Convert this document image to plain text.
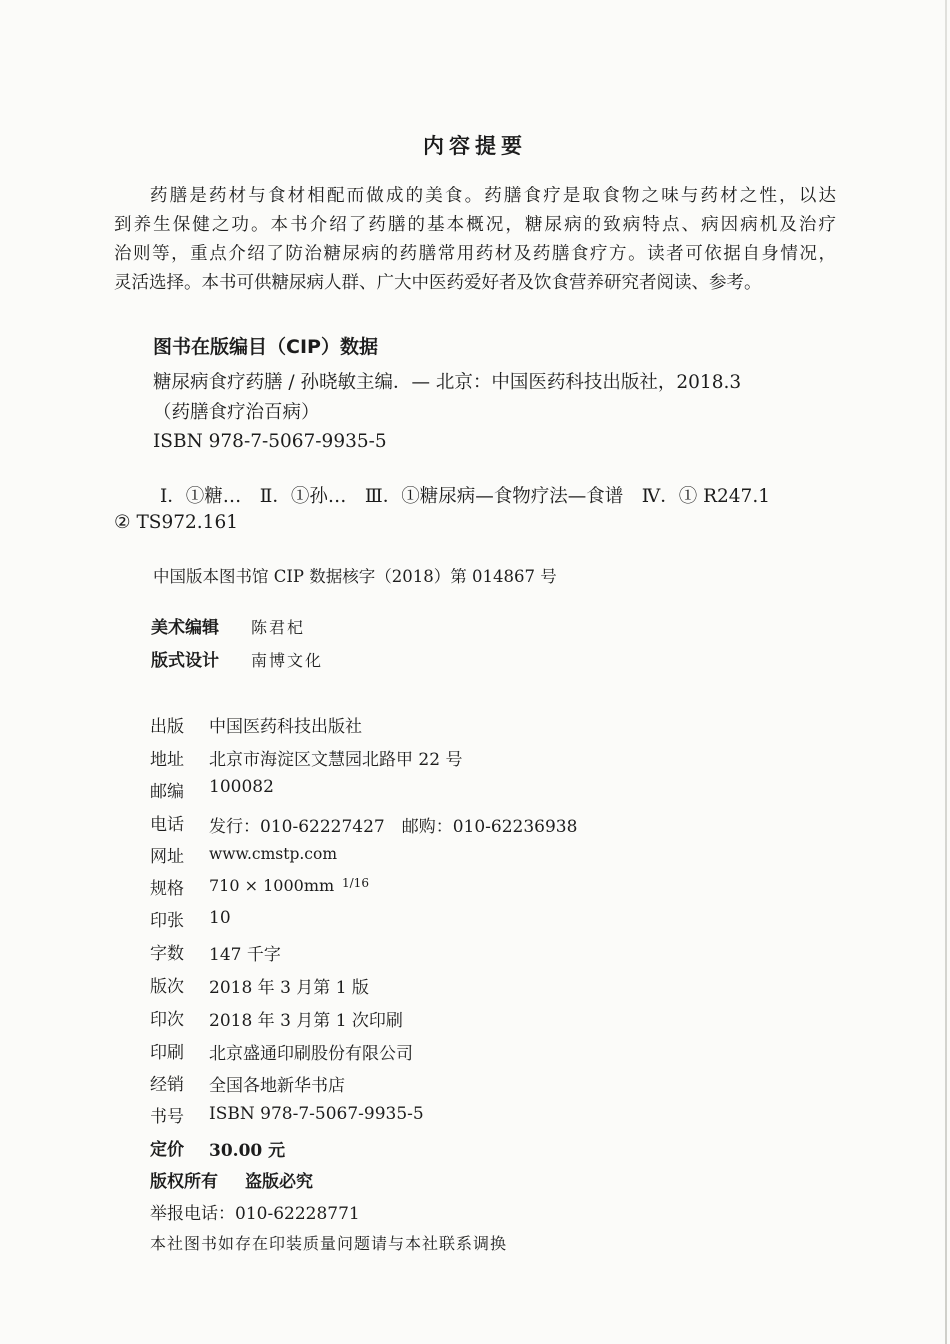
内容提要
药膳是药材与食材相配而做成的美食。药膳食疗是取食物之味与药材之性，以达
到养生保健之功。本书介绍了药膳的基本概况，糖尿病的致病特点、病因病机及治疗
治则等，重点介绍了防治糖尿病的药膳常用药材及药膳食疗方。读者可依据自身情况，
灵活选择。本书可供糖尿病人群、广大中医药爱好者及饮食营养研究者阅读、参考。
图书在版编目（CIP）数据
糖尿病食疗药膳 / 孙晓敏主编．— 北京：中国医药科技出版社，2018.3
（药膳食疗治百病）
ISBN 978-7-5067-9935-5
Ⅰ．①糖…　Ⅱ．①孙…　Ⅲ．①糖尿病—食物疗法—食谱　Ⅳ．① R247.1
② TS972.161
中国版本图书馆 CIP 数据核字（2018）第 014867 号
美术编辑 陈君杞
版式设计 南博文化
出版 中国医药科技出版社
地址 北京市海淀区文慧园北路甲 22 号
邮编 100082
电话 发行：010-62227427　邮购：010-62236938
网址 www.cmstp.com
规格 710 × 1000mm 1/16
印张 10
字数 147 千字
版次 2018 年 3 月第 1 版
印次 2018 年 3 月第 1 次印刷
印刷 北京盛通印刷股份有限公司
经销 全国各地新华书店
书号 ISBN 978-7-5067-9935-5
定价 30.00 元
版权所有 盗版必究
举报电话：010-62228771
本社图书如存在印装质量问题请与本社联系调换
